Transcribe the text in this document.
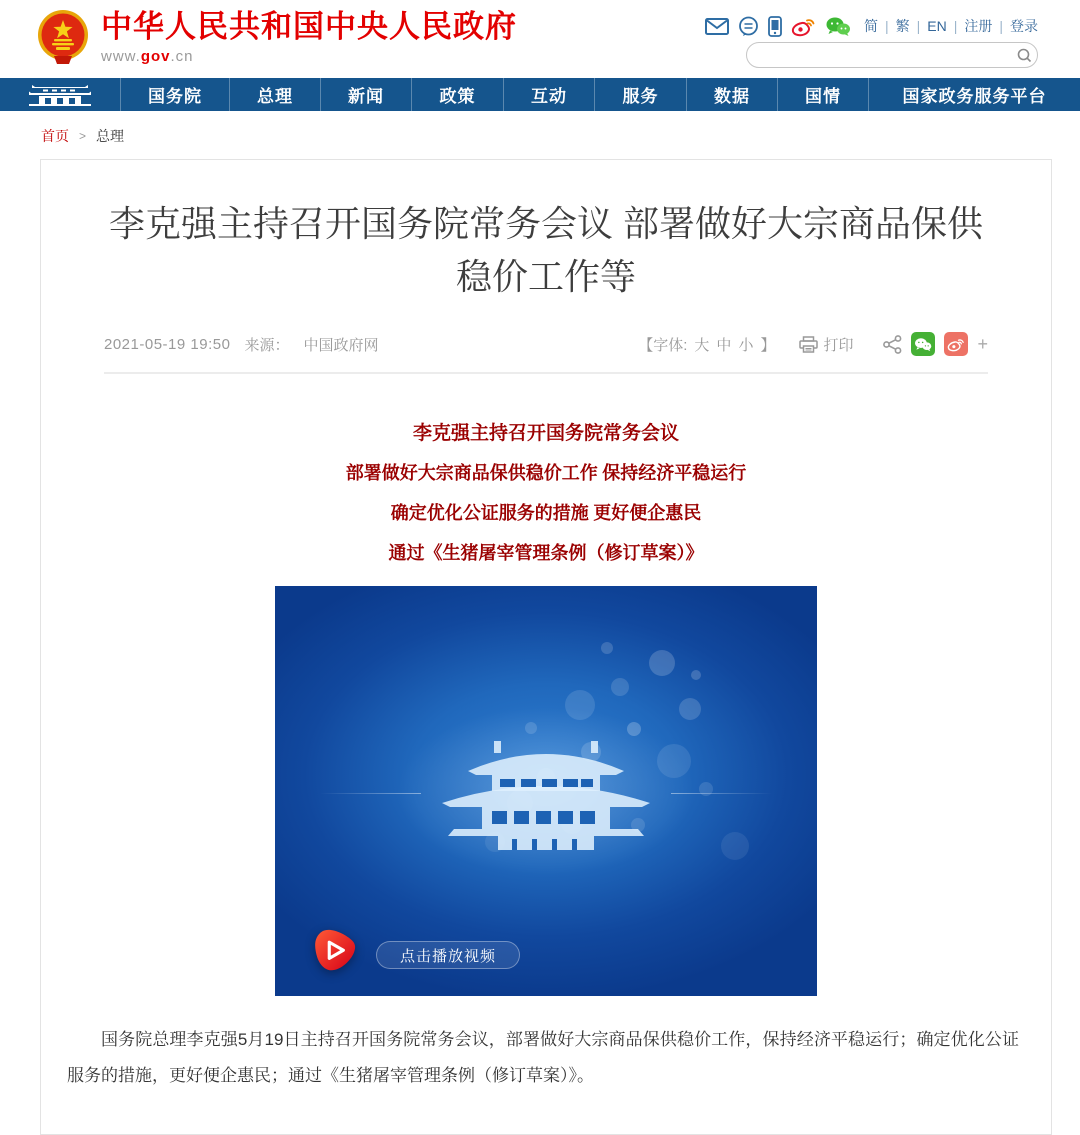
中华人民共和国中央人民政府
www.gov.cn
简 | 繁 | EN | 注册 | 登录
国务院	总理	新闻	政策	互动	服务	数据	国情	国家政务服务平台
首页 > 总理
李克强主持召开国务院常务会议 部署做好大宗商品保供稳价工作等
2021-05-19 19:50 来源： 中国政府网	【字体: 大 中 小 】	打印	+
李克强主持召开国务院常务会议
部署做好大宗商品保供稳价工作 保持经济平稳运行
确定优化公证服务的措施 更好便企惠民
通过《生猪屠宰管理条例（修订草案）》
点击播放视频

国务院总理李克强5月19日主持召开国务院常务会议，部署做好大宗商品保供稳价工作，保持经济平稳运行；确定优化公证服务的措施，更好便企惠民；通过《生猪屠宰管理条例（修订草案）》。
